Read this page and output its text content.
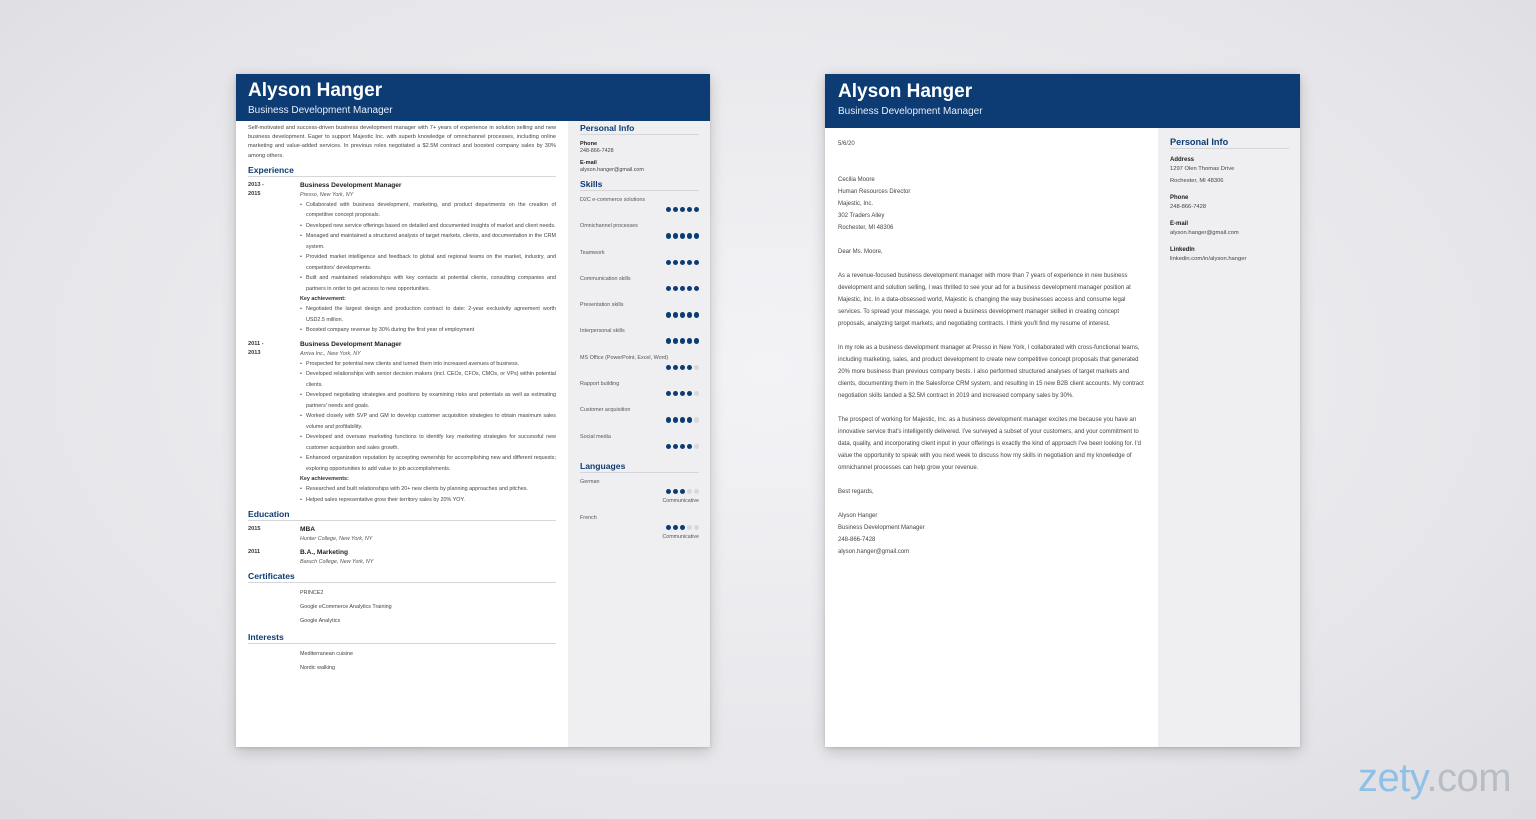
Alyson Hanger
Business Development Manager
Self-motivated and success-driven business development manager with 7+ years of experience in solution selling and new business development. Eager to support Majestic Inc. with superb knowledge of omnichannel processes, including online marketing and value-added services. In previous roles negotiated a $2.5M contract and boosted company sales by 30% among others.
Experience
2013 -
2015
Business Development Manager
Presso, New York, NY
• Collaborated with business development, marketing, and product departments on the creation of competitive concept proposals.
• Developed new service offerings based on detailed and documented insights of market and client needs.
• Managed and maintained a structured analysis of target markets, clients, and documentation in the CRM system.
• Provided market intelligence and feedback to global and regional teams on the market, industry, and competitors' developments.
• Built and maintained relationships with key contacts at potential clients, consulting companies and partners in order to get access to new opportunities.
Key achievement:
• Negotiated the largest design and production contract to date: 2-year exclusivity agreement worth USD2.5 million.
• Boosted company revenue by 30% during the first year of employment
2011 -
2013
Business Development Manager
Arriva Inc., New York, NY
• Prospected for potential new clients and turned them into increased avenues of business.
• Developed relationships with senior decision makers (incl. CEOs, CFOs, CMOs, or VPs) within potential clients.
• Developed negotiating strategies and positions by examining risks and potentials as well as estimating partners' needs and goals.
• Worked closely with SVP and GM to develop customer acquisition strategies to obtain maximum sales volume and profitability.
• Developed and oversaw marketing functions to identify key marketing strategies for successful new customer acquisition and sales growth.
• Enhanced organization reputation by accepting ownership for accomplishing new and different requests; exploring opportunities to add value to job accomplishments.
Key achievements:
• Researched and built relationships with 20+ new clients by planning approaches and pitches.
• Helped sales representative grow their territory sales by 20% YOY.
Education
2015	MBA
Hunter College, New York, NY
2011	B.A., Marketing
Baruch College, New York, NY
Certificates
PRINCE2
Google eCommerce Analytics Training
Google Analytics
Interests
Mediterranean cuisine
Nordic walking
Personal Info
Phone
248-866-7428
E-mail
alyson.hanger@gmail.com
Skills
D2C e-commerce solutions
Omnichannel processes
Teamwork
Communication skills
Presentation skills
Interpersonal skills
MS Office (PowerPoint, Excel, Word)
Rapport building
Customer acquisition
Social media
Languages
German
Communicative
French
Communicative
Alyson Hanger
Business Development Manager
5/6/20
Cecilia Moore
Human Resources Director
Majestic, Inc.
302 Traders Alley
Rochester, MI 48306
Dear Ms. Moore,
As a revenue-focused business development manager with more than 7 years of experience in new business development and solution selling, I was thrilled to see your ad for a business development manager position at Majestic, Inc. In a data-obsessed world, Majestic is changing the way businesses access and consume legal services. To spread your message, you need a business development manager skilled in creating concept proposals, analyzing target markets, and negotiating contracts. I think you'll find my resume of interest.
In my role as a business development manager at Presso in New York, I collaborated with cross-functional teams, including marketing, sales, and product development to create new competitive concept proposals that generated 20% more business than previous company bests. I also performed structured analyses of target markets and clients, documenting them in the Salesforce CRM system, and resulting in 15 new B2B client accounts. My contract negotiation skills landed a $2.5M contract in 2019 and increased company sales by 30%.
The prospect of working for Majestic, Inc. as a business development manager excites me because you have an innovative service that's intelligently delivered. I've surveyed a subset of your customers, and your commitment to data, quality, and incorporating client input in your offerings is exactly the kind of approach I've been looking for. I'd value the opportunity to speak with you next week to discuss how my skills in negotiation and my knowledge of omnichannel processes can help grow your revenue.
Best regards,
Alyson Hanger
Business Development Manager
248-866-7428
alyson.hanger@gmail.com
Personal Info
Address
1297 Olen Thomas Drive
Rochester, MI 48306
Phone
248-866-7428
E-mail
alyson.hanger@gmail.com
LinkedIn
linkedin.com/in/alyson.hanger
zety.com
